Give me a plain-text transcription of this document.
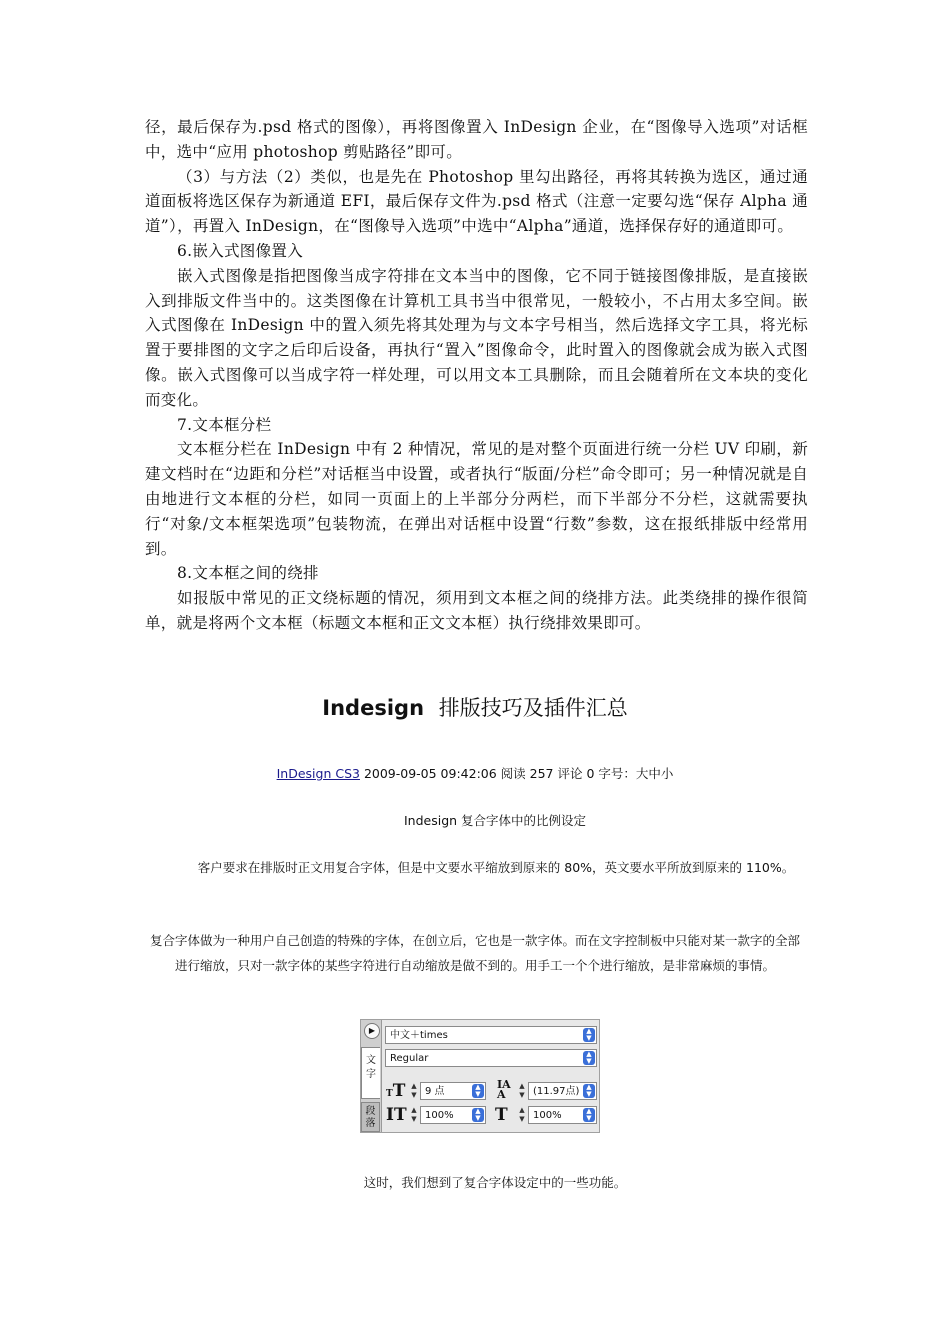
径，最后保存为.psd 格式的图像），再将图像置入 InDesign 企业，在“图像导入选项”对话框中，选中“应用 photoshop 剪贴路径”即可。

（3）与方法（2）类似，也是先在 Photoshop 里勾出路径，再将其转换为选区，通过通道面板将选区保存为新通道 EFI，最后保存文件为.psd 格式（注意一定要勾选“保存 Alpha 通道”），再置入 InDesign，在“图像导入选项”中选中“Alpha”通道，选择保存好的通道即可。

6.嵌入式图像置入

嵌入式图像是指把图像当成字符排在文本当中的图像，它不同于链接图像排版，是直接嵌入到排版文件当中的。这类图像在计算机工具书当中很常见，一般较小，不占用太多空间。嵌入式图像在 InDesign 中的置入须先将其处理为与文本字号相当，然后选择文字工具，将光标置于要排图的文字之后印后设备，再执行“置入”图像命令，此时置入的图像就会成为嵌入式图像。嵌入式图像可以当成字符一样处理，可以用文本工具删除，而且会随着所在文本块的变化而变化。

7.文本框分栏

文本框分栏在 InDesign 中有 2 种情况，常见的是对整个页面进行统一分栏 UV 印刷，新建文档时在“边距和分栏”对话框当中设置，或者执行“版面/分栏”命令即可；另一种情况就是自由地进行文本框的分栏，如同一页面上的上半部分分两栏，而下半部分不分栏，这就需要执行“对象/文本框架选项”包装物流，在弹出对话框中设置“行数”参数，这在报纸排版中经常用到。

8.文本框之间的绕排

如报版中常见的正文绕标题的情况，须用到文本框之间的绕排方法。此类绕排的操作很简单，就是将两个文本框（标题文本框和正文文本框）执行绕排效果即可。

Indesign 排版技巧及插件汇总
InDesign CS3 2009-09-05 09:42:06 阅读 257 评论 0 字号：大中小
Indesign 复合字体中的比例设定
客户要求在排版时正文用复合字体，但是中文要水平缩放到原来的 80%，英文要水平所放到原来的 110%。
复合字体做为一种用户自己创造的特殊的字体，在创立后，它也是一款字体。而在文字控制板中只能对某一款字的全部进行缩放，只对一款字体的某些字符进行自动缩放是做不到的。用手工一个个进行缩放，是非常麻烦的事情。
▶
文字
段落
中文＋times	▲
▼
Regular	▲
▼
TT ▲
▼ 9 点	▲
▼
IA
A
▲
▼ (11.97点) ▲
▼
IT ▲
▼ 100%	▲
▼ T	▲
▼ 100%	▲
▼
这时，我们想到了复合字体设定中的一些功能。
